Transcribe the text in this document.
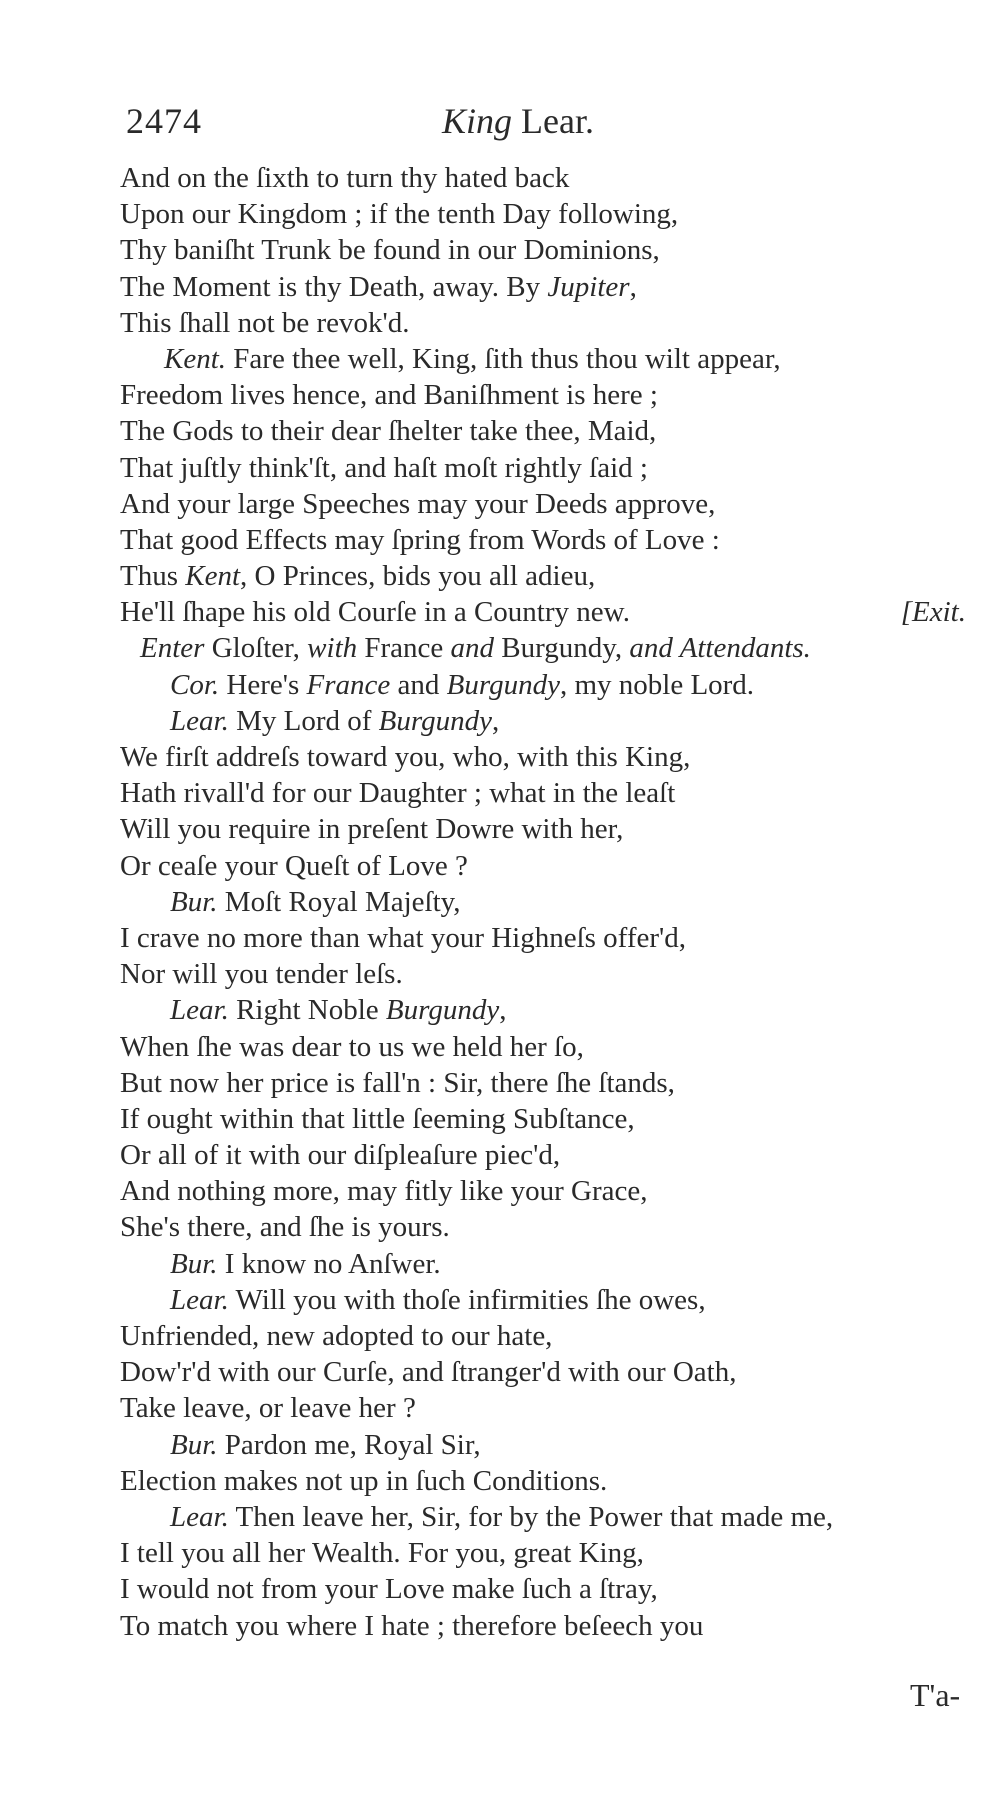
2474	King Lear.
And on the ſixth to turn thy hated back
Upon our Kingdom ; if the tenth Day following,
Thy baniſht Trunk be found in our Dominions,
The Moment is thy Death, away. By Jupiter,
This ſhall not be revok'd.
Kent. Fare thee well, King, ſith thus thou wilt appear,
Freedom lives hence, and Baniſhment is here ;
The Gods to their dear ſhelter take thee, Maid,
That juſtly think'ſt, and haſt moſt rightly ſaid ;
And your large Speeches may your Deeds approve,
That good Effects may ſpring from Words of Love :
Thus Kent, O Princes, bids you all adieu,
He'll ſhape his old Courſe in a Country new.	[Exit.
Enter Gloſter, with France and Burgundy, and Attendants.
Cor. Here's France and Burgundy, my noble Lord.
Lear. My Lord of Burgundy,
We firſt addreſs toward you, who, with this King,
Hath rivall'd for our Daughter ; what in the leaſt
Will you require in preſent Dowre with her,
Or ceaſe your Queſt of Love ?
Bur. Moſt Royal Majeſty,
I crave no more than what your Highneſs offer'd,
Nor will you tender leſs.
Lear. Right Noble Burgundy,
When ſhe was dear to us we held her ſo,
But now her price is fall'n : Sir, there ſhe ſtands,
If ought within that little ſeeming Subſtance,
Or all of it with our diſpleaſure piec'd,
And nothing more, may fitly like your Grace,
She's there, and ſhe is yours.
Bur. I know no Anſwer.
Lear. Will you with thoſe infirmities ſhe owes,
Unfriended, new adopted to our hate,
Dow'r'd with our Curſe, and ſtranger'd with our Oath,
Take leave, or leave her ?
Bur. Pardon me, Royal Sir,
Election makes not up in ſuch Conditions.
Lear. Then leave her, Sir, for by the Power that made me,
I tell you all her Wealth. For you, great King,
I would not from your Love make ſuch a ſtray,
To match you where I hate ; therefore beſeech you
T'a-
